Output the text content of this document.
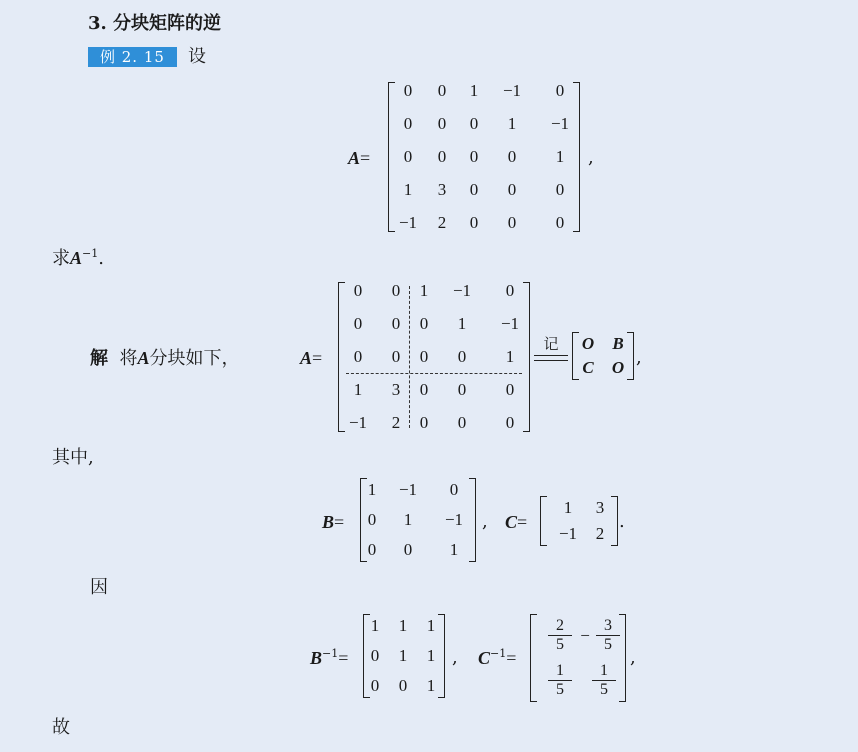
3. 分块矩阵的逆
例 2. 15	设
A=
0	0	1	−1	0
0	0	0	1	−1
0	0	0	0	1
1	3	0	0	0
−1	2	0	0	0
,
求$A^{-1}$.
解 将A分块如下，	A=
0	0	1	−1	0
0	0	0	1	−1
0	0	0	0	1
1	3	0	0	0
−1	2	0	0	0
记	O	B
C	O ,
其中,
B=
1	−1	0
0	1	−1
0	0	1
, C=
1	3
−1	2
.
因
$B^{-1}=$
1	1	1
0	1	1
0	0	1
, $C^{-1}=$
$\frac{2}{5} - \frac{3}{5}$
$\frac{1}{5} \frac{1}{5}$
,
故
